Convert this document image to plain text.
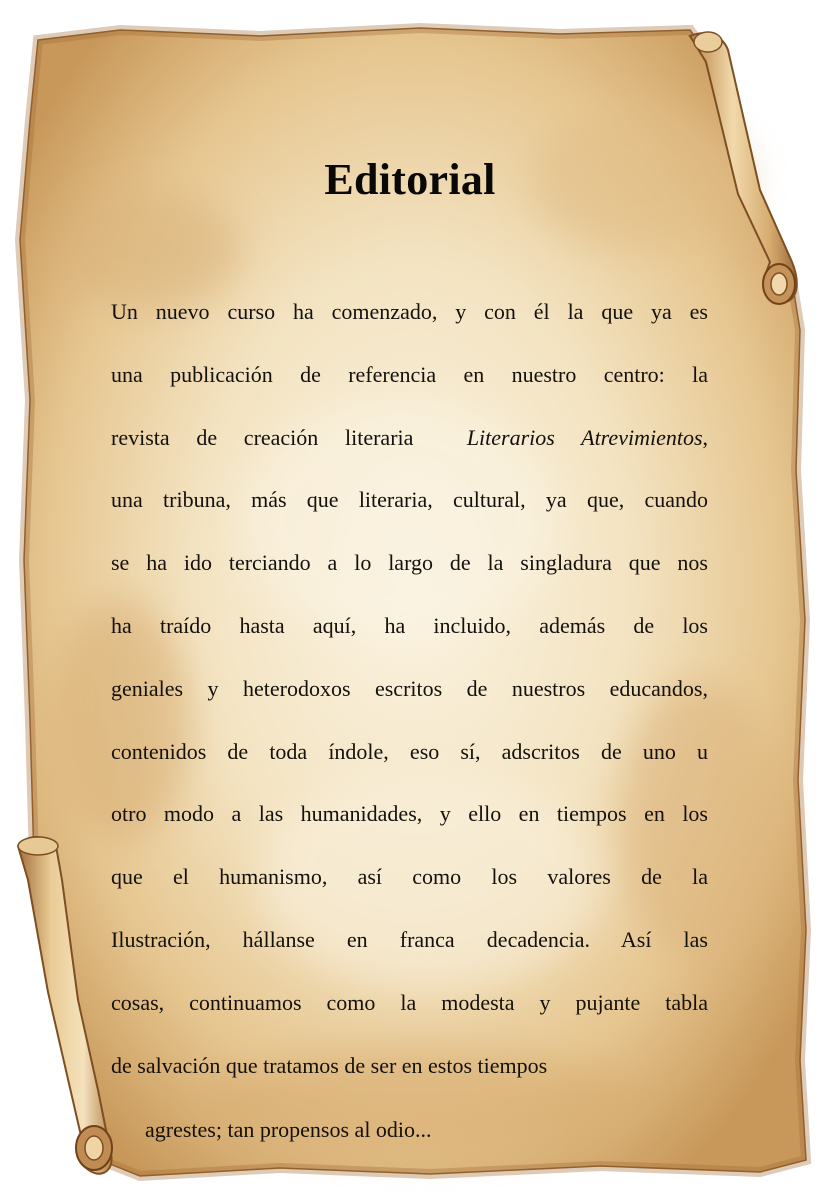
Editorial
Un nuevo curso ha comenzado, y con él la que ya es
una publicación de referencia en nuestro centro: la
revista de creación literaria Literarios Atrevimientos,
una tribuna, más que literaria, cultural, ya que, cuando
se ha ido terciando a lo largo de la singladura que nos
ha traído hasta aquí, ha incluido, además de los
geniales y heterodoxos escritos de nuestros educandos,
contenidos de toda índole, eso sí, adscritos de uno u
otro modo a las humanidades, y ello en tiempos en los
que el humanismo, así como los valores de la
Ilustración, hállanse en franca decadencia. Así las
cosas, continuamos como la modesta y pujante tabla
de salvación que tratamos de ser en estos tiempos
agrestes; tan propensos al odio...
